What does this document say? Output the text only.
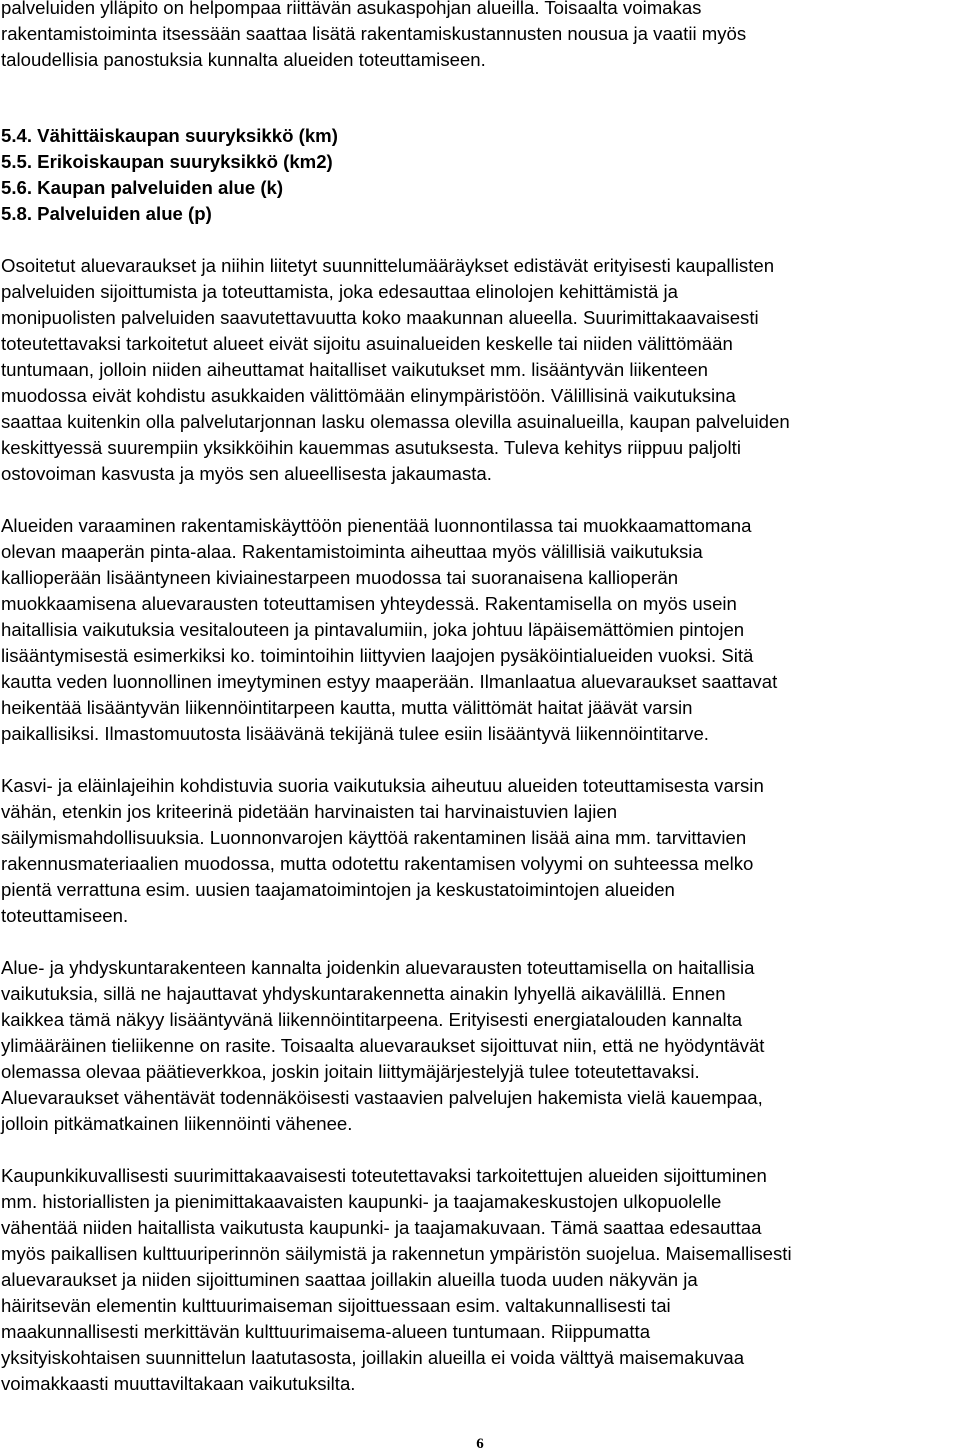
palveluiden ylläpito on helpompaa riittävän asukaspohjan alueilla. Toisaalta voimakas
rakentamistoiminta itsessään saattaa lisätä rakentamiskustannusten nousua ja vaatii myös
taloudellisia panostuksia kunnalta alueiden toteuttamiseen.

5.4. Vähittäiskaupan suuryksikkö (km)
5.5. Erikoiskaupan suuryksikkö (km2)
5.6. Kaupan palveluiden alue (k)
5.8. Palveluiden alue (p)

Osoitetut aluevaraukset ja niihin liitetyt suunnittelumääräykset edistävät erityisesti kaupallisten
palveluiden sijoittumista ja toteuttamista, joka edesauttaa elinolojen kehittämistä ja
monipuolisten palveluiden saavutettavuutta koko maakunnan alueella. Suurimittakaavaisesti
toteutettavaksi tarkoitetut alueet eivät sijoitu asuinalueiden keskelle tai niiden välittömään
tuntumaan, jolloin niiden aiheuttamat haitalliset vaikutukset mm. lisääntyvän liikenteen
muodossa eivät kohdistu asukkaiden välittömään elinympäristöön. Välillisinä vaikutuksina
saattaa kuitenkin olla palvelutarjonnan lasku olemassa olevilla asuinalueilla, kaupan palveluiden
keskittyessä suurempiin yksikköihin kauemmas asutuksesta. Tuleva kehitys riippuu paljolti
ostovoiman kasvusta ja myös sen alueellisesta jakaumasta.

Alueiden varaaminen rakentamiskäyttöön pienentää luonnontilassa tai muokkaamattomana
olevan maaperän pinta-alaa. Rakentamistoiminta aiheuttaa myös välillisiä vaikutuksia
kallioperään lisääntyneen kiviainestarpeen muodossa tai suoranaisena kallioperän
muokkaamisena aluevarausten toteuttamisen yhteydessä. Rakentamisella on myös usein
haitallisia vaikutuksia vesitalouteen ja pintavalumiin, joka johtuu läpäisemättömien pintojen
lisääntymisestä esimerkiksi ko. toimintoihin liittyvien laajojen pysäköintialueiden vuoksi. Sitä
kautta veden luonnollinen imeytyminen estyy maaperään. Ilmanlaatua aluevaraukset saattavat
heikentää lisääntyvän liikennöintitarpeen kautta, mutta välittömät haitat jäävät varsin
paikallisiksi. Ilmastomuutosta lisäävänä tekijänä tulee esiin lisääntyvä liikennöintitarve.

Kasvi- ja eläinlajeihin kohdistuvia suoria vaikutuksia aiheutuu alueiden toteuttamisesta varsin
vähän, etenkin jos kriteerinä pidetään harvinaisten tai harvinaistuvien lajien
säilymismahdollisuuksia. Luonnonvarojen käyttöä rakentaminen lisää aina mm. tarvittavien
rakennusmateriaalien muodossa, mutta odotettu rakentamisen volyymi on suhteessa melko
pientä verrattuna esim. uusien taajamatoimintojen ja keskustatoimintojen alueiden
toteuttamiseen.

Alue- ja yhdyskuntarakenteen kannalta joidenkin aluevarausten toteuttamisella on haitallisia
vaikutuksia, sillä ne hajauttavat yhdyskuntarakennetta ainakin lyhyellä aikavälillä. Ennen
kaikkea tämä näkyy lisääntyvänä liikennöintitarpeena. Erityisesti energiatalouden kannalta
ylimääräinen tieliikenne on rasite. Toisaalta aluevaraukset sijoittuvat niin, että ne hyödyntävät
olemassa olevaa päätieverkkoa, joskin joitain liittymäjärjestelyjä tulee toteutettavaksi.
Aluevaraukset vähentävät todennäköisesti vastaavien palvelujen hakemista vielä kauempaa,
jolloin pitkämatkainen liikennöinti vähenee.

Kaupunkikuvallisesti suurimittakaavaisesti toteutettavaksi tarkoitettujen alueiden sijoittuminen
mm. historiallisten ja pienimittakaavaisten kaupunki- ja taajamakeskustojen ulkopuolelle
vähentää niiden haitallista vaikutusta kaupunki- ja taajamakuvaan. Tämä saattaa edesauttaa
myös paikallisen kulttuuriperinnön säilymistä ja rakennetun ympäristön suojelua. Maisemallisesti
aluevaraukset ja niiden sijoittuminen saattaa joillakin alueilla tuoda uuden näkyvän ja
häiritsevän elementin kulttuurimaiseman sijoittuessaan esim. valtakunnallisesti tai
maakunnallisesti merkittävän kulttuurimaisema-alueen tuntumaan. Riippumatta
yksityiskohtaisen suunnittelun laatutasosta, joillakin alueilla ei voida välttyä maisemakuvaa
voimakkaasti muuttaviltakaan vaikutuksilta.

6
